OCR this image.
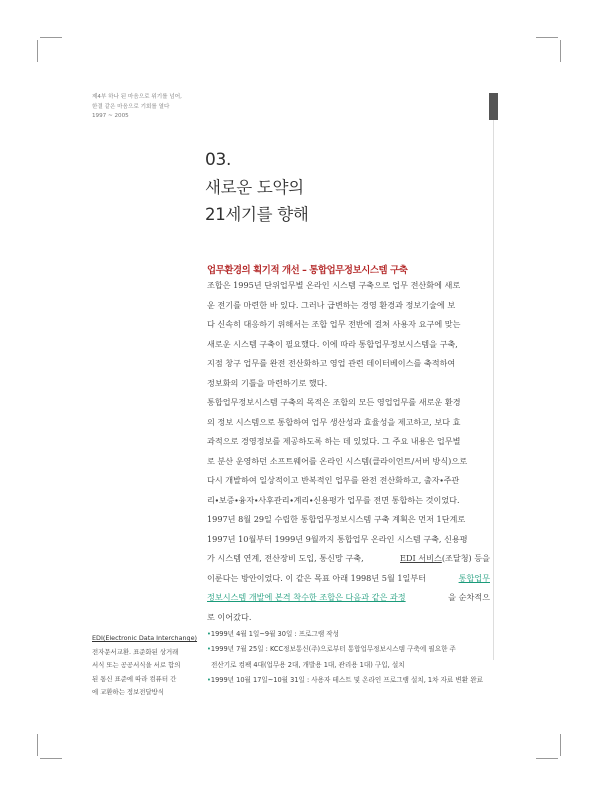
제4부 하나 된 마음으로 위기를 넘어,
한결 같은 마음으로 기회를 열다
1997 ~ 2005
03.
새로운 도약의
21세기를 향해
업무환경의 획기적 개선 – 통합업무정보시스템 구축
조합은 1995년 단위업무별 온라인 시스템 구축으로 업무 전산화에 새로
운 전기를 마련한 바 있다. 그러나 급변하는 경영 환경과 정보기술에 보
다 신속히 대응하기 위해서는 조합 업무 전반에 걸쳐 사용자 요구에 맞는
새로운 시스템 구축이 필요했다. 이에 따라 통합업무정보시스템을 구축,
지점 창구 업무를 완전 전산화하고 영업 관련 데이터베이스를 축적하여
정보화의 기틀을 마련하기로 했다.
통합업무정보시스템 구축의 목적은 조합의 모든 영업업무를 새로운 환경
의 정보 시스템으로 통합하여 업무 생산성과 효율성을 제고하고, 보다 효
과적으로 경영정보를 제공하도록 하는 데 있었다. 그 주요 내용은 업무별
로 분산 운영하던 소프트웨어를 온라인 시스템(클라이언트/서버 방식)으로
다시 개발하여 일상적이고 반복적인 업무를 완전 전산화하고, 출자∙주관
리∙보증∙융자∙사후관리∙계리∙신용평가 업무를 전면 통합하는 것이었다.
1997년 8월 29일 수립한 통합업무정보시스템 구축 계획은 먼저 1단계로
1997년 10월부터 1999년 9월까지 통합업무 온라인 시스템 구축, 신용평
가 시스템 연계, 전산장비 도입, 통신망 구축,	EDI 서비스(조달청) 등을
이룬다는 방안이었다. 이 같은 목표 아래 1998년 5월 1일부터	통합업무
정보시스템 개발에 본격 착수한 조합은 다음과 같은 과정	을 순차적으
로 이어갔다.
EDI(Electronic Data Interchange)
전자문서교환. 표준화된 상거래
서식 또는 공공서식을 서로 합의
된 통신 표준에 따라 컴퓨터 간
에 교환하는 정보전달방식
•1999년 4월 1일~9월 30일 : 프로그램 작성
•1999년 7월 25일 : KCC정보통신(주)으로부터 통합업무정보시스템 구축에 필요한 주
전산기로 컴팩 4대(업무용 2대, 개발용 1대, 관리용 1대) 구입, 설치
•1999년 10월 17일~10월 31일 : 사용자 테스트 및 온라인 프로그램 설치, 1차 자료 변환 완료
